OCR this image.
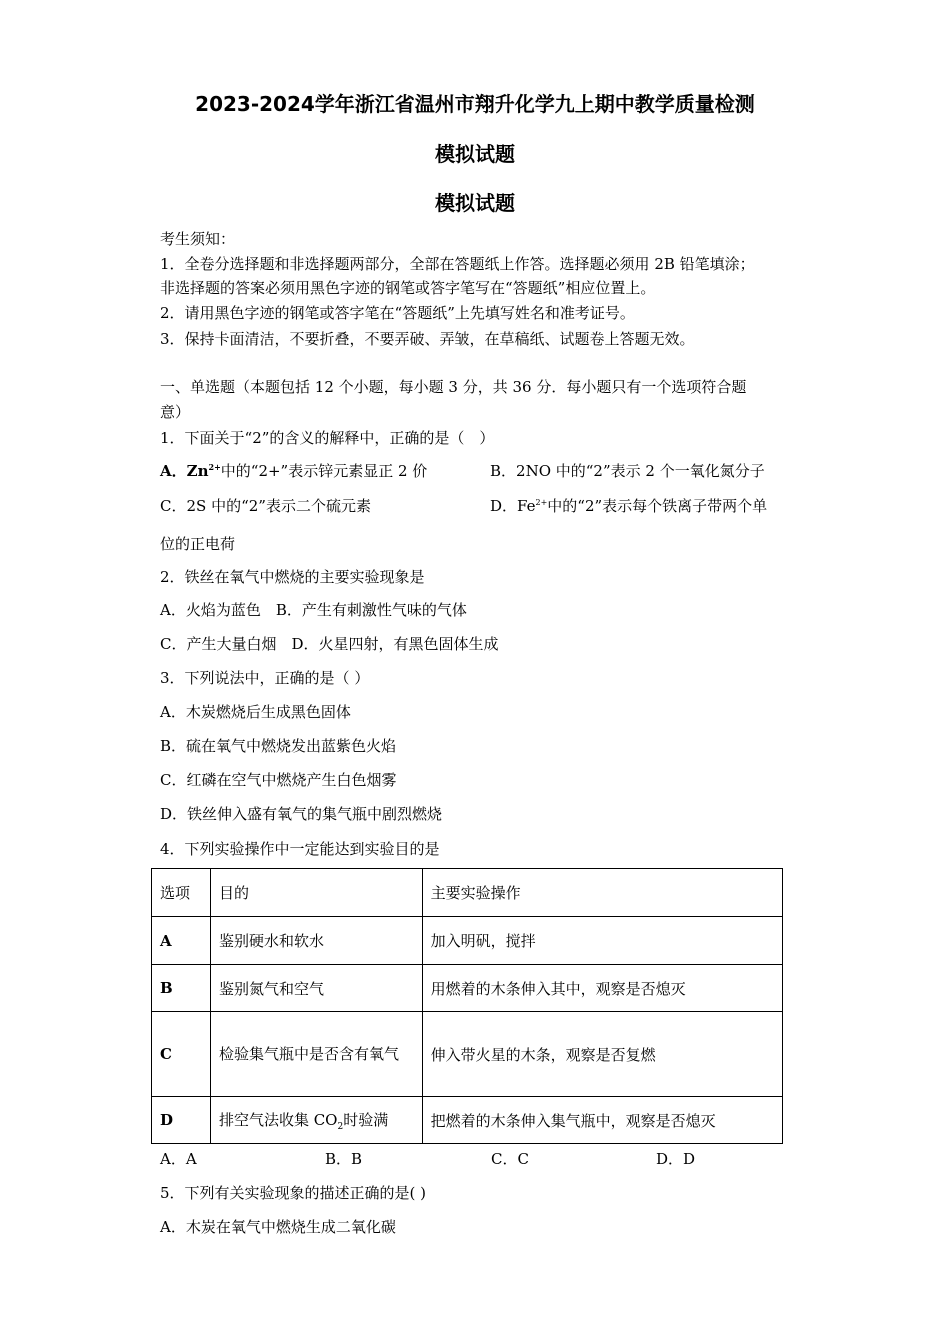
2023-2024学年浙江省温州市翔升化学九上期中教学质量检测
模拟试题
模拟试题
考生须知：
1．全卷分选择题和非选择题两部分，全部在答题纸上作答。选择题必须用 2B 铅笔填涂；
非选择题的答案必须用黑色字迹的钢笔或答字笔写在“答题纸”相应位置上。
2．请用黑色字迹的钢笔或答字笔在“答题纸”上先填写姓名和准考证号。
3．保持卡面清洁，不要折叠，不要弄破、弄皱，在草稿纸、试题卷上答题无效。
一、单选题（本题包括 12 个小题，每小题 3 分，共 36 分．每小题只有一个选项符合题
意）
1．下面关于“2”的含义的解释中，正确的是（　）
A．$Zn^{2+}$中的“2+”表示锌元素显正 2 价	B．2NO 中的“2”表示 2 个一氧化氮分子
C．2S 中的“2”表示二个硫元素	D．$Fe^{2+}$中的“2”表示每个铁离子带两个单
位的正电荷
2．铁丝在氧气中燃烧的主要实验现象是
A．火焰为蓝色　B．产生有刺激性气味的气体
C．产生大量白烟　D．火星四射，有黑色固体生成
3．下列说法中，正确的是（ ）
A．木炭燃烧后生成黑色固体
B．硫在氧气中燃烧发出蓝紫色火焰
C．红磷在空气中燃烧产生白色烟雾
D．铁丝伸入盛有氧气的集气瓶中剧烈燃烧
4．下列实验操作中一定能达到实验目的是
选项	目的	主要实验操作
A	鉴别硬水和软水	加入明矾，搅拌
B	鉴别氮气和空气	用燃着的木条伸入其中，观察是否熄灭
C	检验集气瓶中是否含有氧气	伸入带火星的木条，观察是否复燃
D	排空气法收集 $CO_2$时验满	把燃着的木条伸入集气瓶中，观察是否熄灭
A．A	B．B	C．C	D．D
5．下列有关实验现象的描述正确的是( )
A．木炭在氧气中燃烧生成二氧化碳
